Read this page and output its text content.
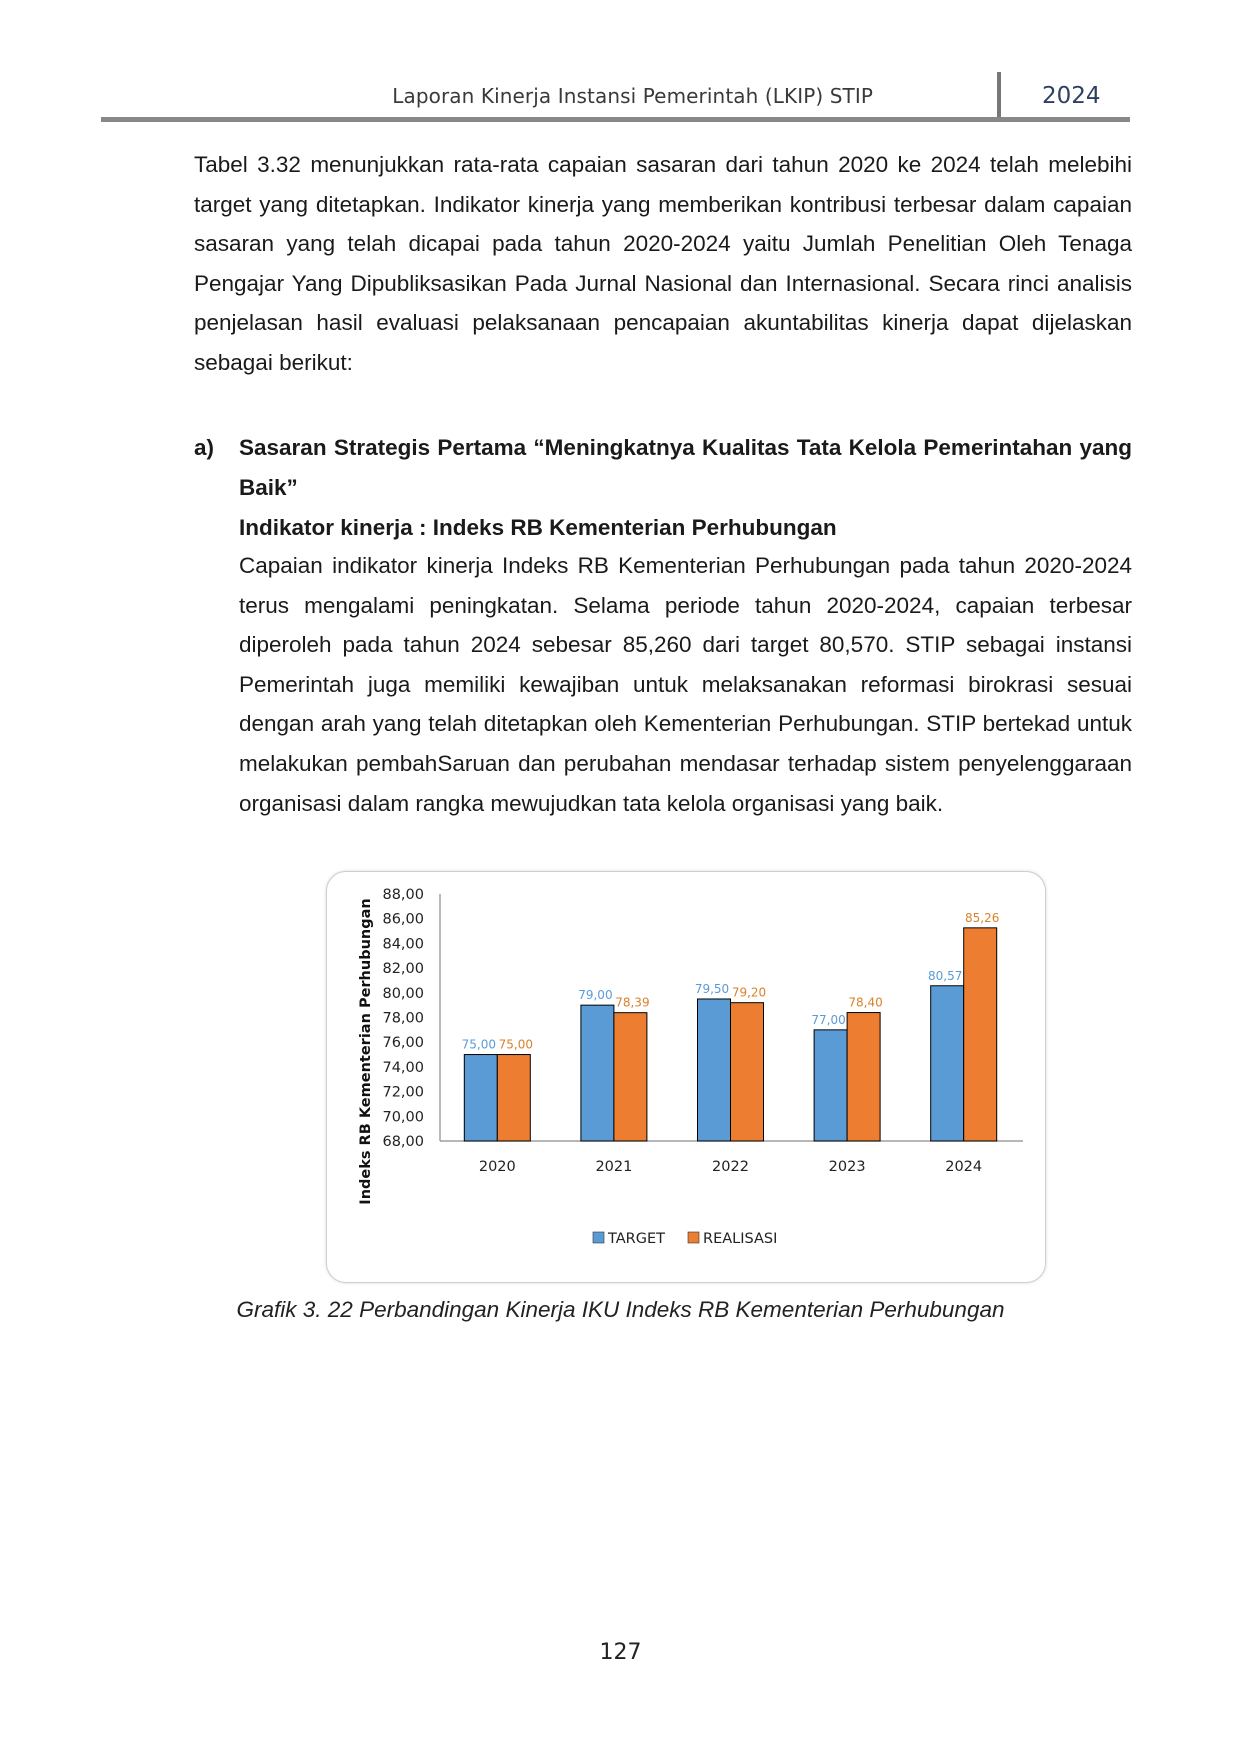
Laporan Kinerja Instansi Pemerintah (LKIP) STIP	2024

Tabel 3.32 menunjukkan rata-rata capaian sasaran dari tahun 2020 ke 2024 telah melebihi target yang ditetapkan. Indikator kinerja yang memberikan kontribusi terbesar dalam capaian sasaran yang telah dicapai pada tahun 2020-2024 yaitu Jumlah Penelitian Oleh Tenaga Pengajar Yang Dipubliksasikan Pada Jurnal Nasional dan Internasional. Secara rinci analisis penjelasan hasil evaluasi pelaksanaan pencapaian akuntabilitas kinerja dapat dijelaskan sebagai berikut:

a) Sasaran Strategis Pertama “Meningkatnya Kualitas Tata Kelola Pemerintahan yang Baik”

Indikator kinerja : Indeks RB Kementerian Perhubungan

Capaian indikator kinerja Indeks RB Kementerian Perhubungan pada tahun 2020-2024 terus mengalami peningkatan. Selama periode tahun 2020-2024, capaian terbesar diperoleh pada tahun 2024 sebesar 85,260 dari target 80,570. STIP sebagai instansi Pemerintah juga memiliki kewajiban untuk melaksanakan reformasi birokrasi sesuai dengan arah yang telah ditetapkan oleh Kementerian Perhubungan. STIP bertekad untuk melakukan pembahSaruan dan perubahan mendasar terhadap sistem penyelenggaraan organisasi dalam rangka mewujudkan tata kelola organisasi yang baik.

68,00
70,00
72,00
74,00
76,00
78,00
80,00
82,00
84,00
86,00
88,00
Indeks RB Kementerian Perhubungan	75,00 75,00
2020
79,00
78,39
2021
79,50 79,20
2022
77,00
78,40
2023
80,57
85,26
2024
TARGET	REALISASI

Grafik 3. 22 Perbandingan Kinerja IKU Indeks RB Kementerian Perhubungan

127
